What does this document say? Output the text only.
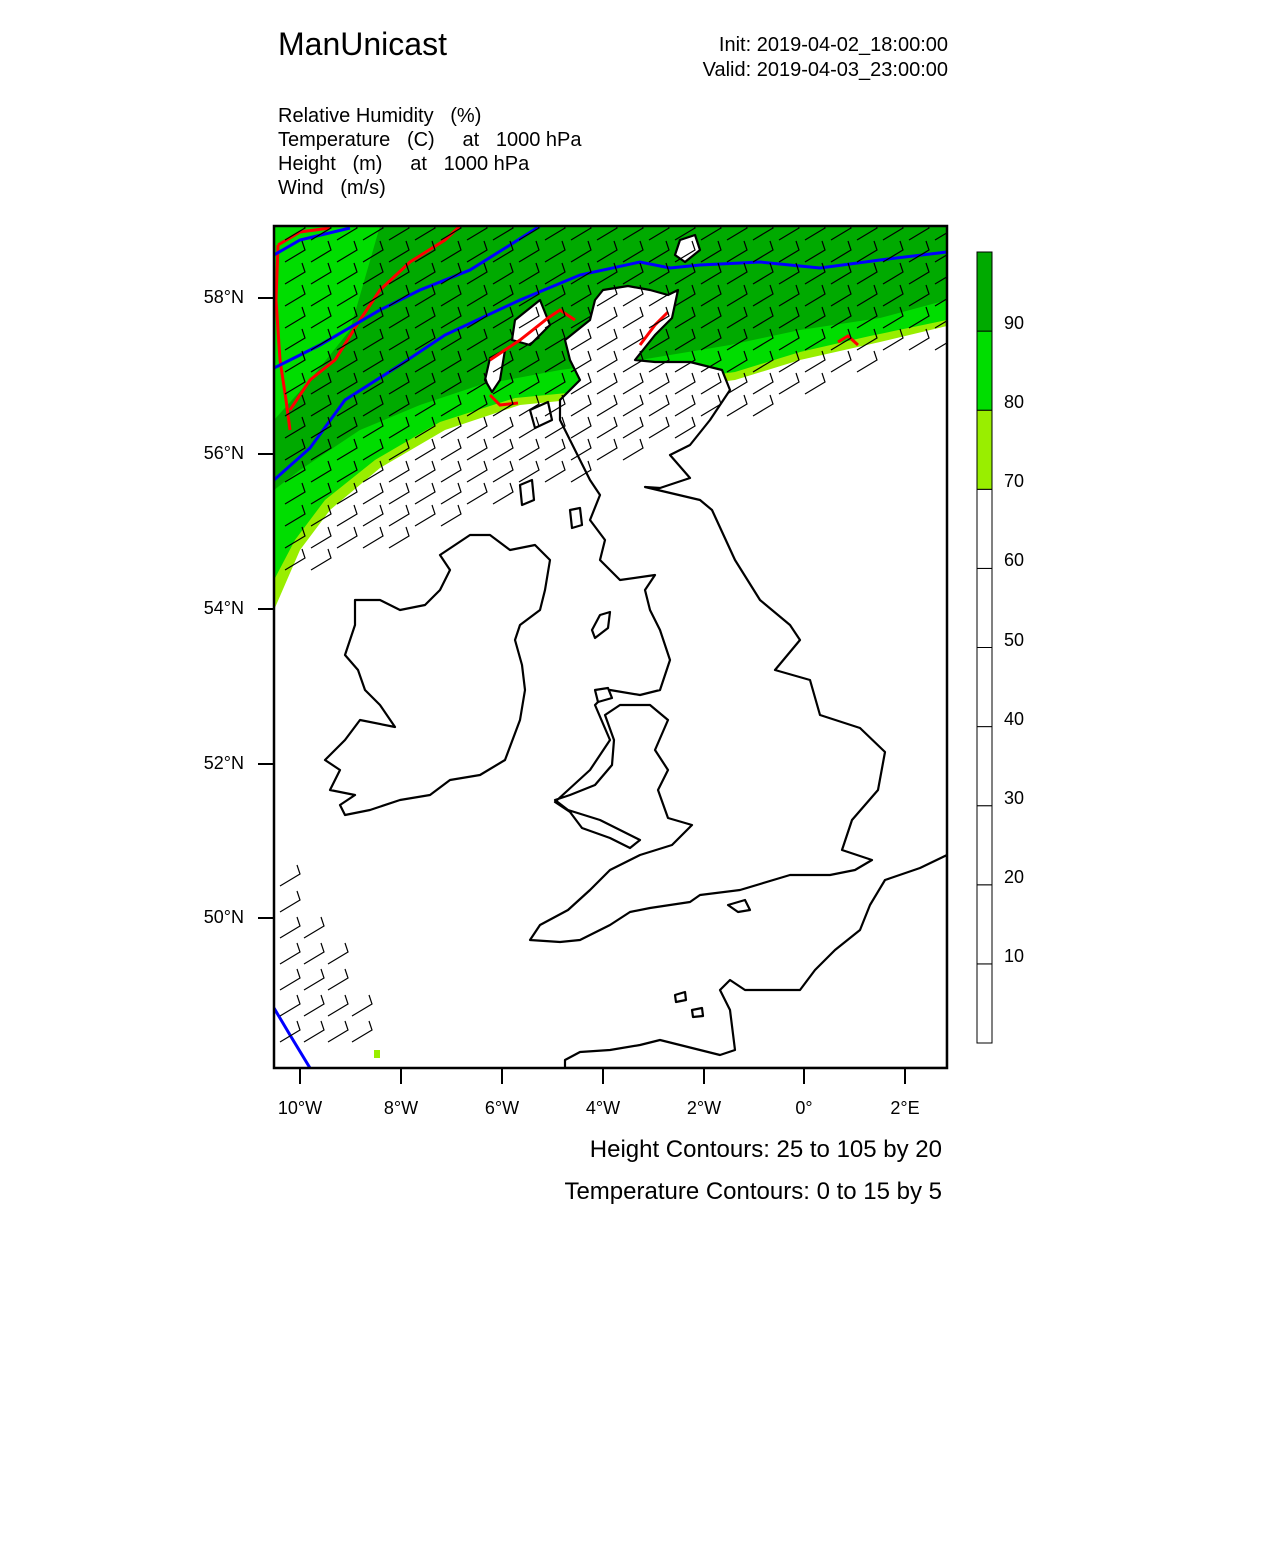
ManUnicast	Init: 2019-04-02_18:00:00
Valid: 2019-04-03_23:00:00
Relative Humidity   (%)
Temperature   (C)     at   1000 hPa
Height   (m)     at   1000 hPa
Wind   (m/s)
58°N
56°N
54°N
52°N
50°N
10°W	8°W	6°W	4°W	2°W	0°	2°E
90
80
70
60
50
40
30
20
10
Height Contours: 25 to 105 by 20
Temperature Contours: 0 to 15 by 5
